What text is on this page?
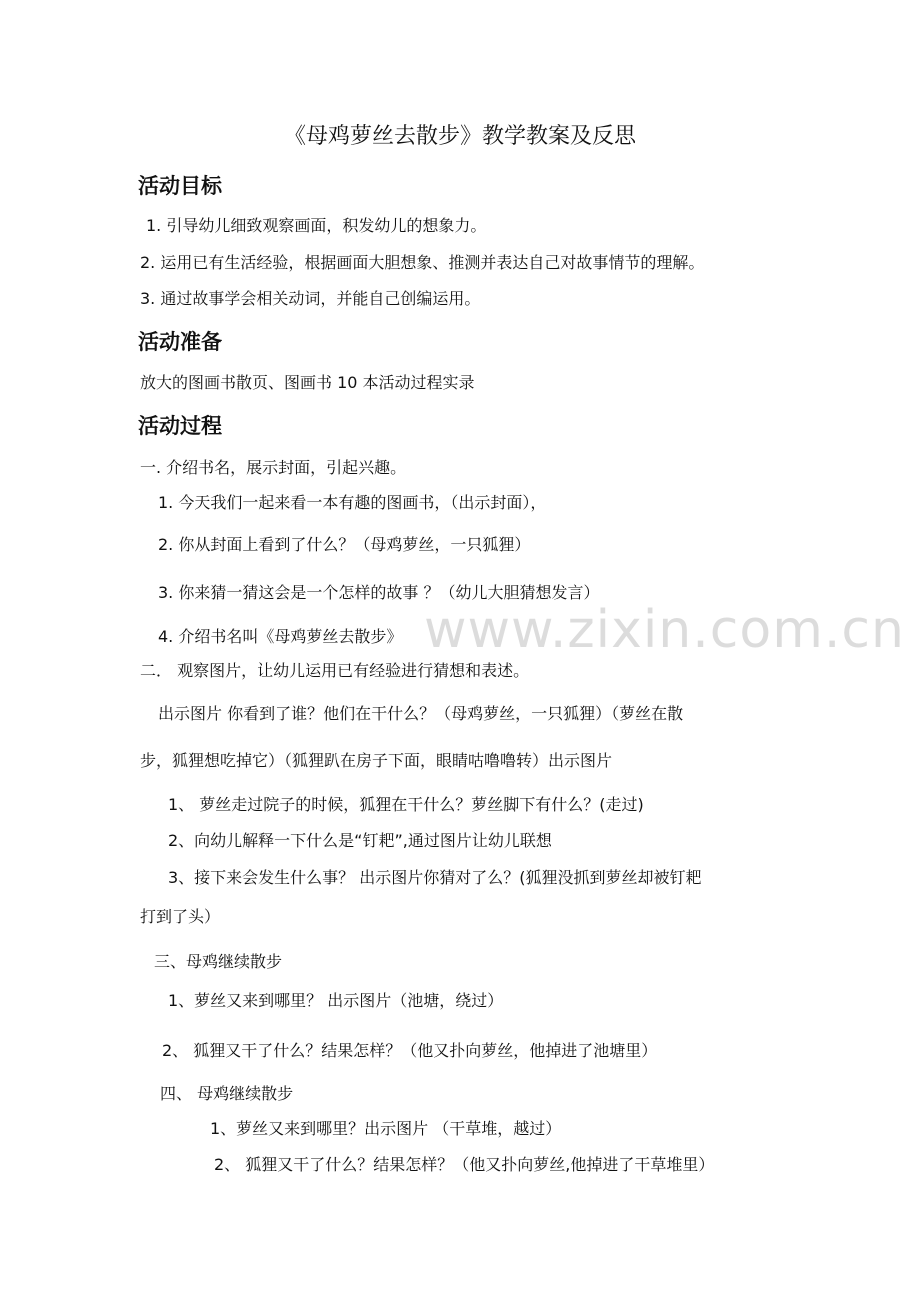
《母鸡萝丝去散步》教学教案及反思
活动目标
1. 引导幼儿细致观察画面，积发幼儿的想象力。
2. 运用已有生活经验，根据画面大胆想象、推测并表达自己对故事情节的理解。
3. 通过故事学会相关动词，并能自己创编运用。
活动准备
放大的图画书散页、图画书 10 本活动过程实录
活动过程
一. 介绍书名，展示封面，引起兴趣。
1. 今天我们一起来看一本有趣的图画书，（出示封面），
2. 你从封面上看到了什么？（母鸡萝丝，一只狐狸）
3. 你来猜一猜这会是一个怎样的故事 ？（幼儿大胆猜想发言）
4. 介绍书名叫《母鸡萝丝去散步》
二． 观察图片，让幼儿运用已有经验进行猜想和表述。
出示图片 你看到了谁？他们在干什么？（母鸡萝丝，一只狐狸）（萝丝在散
步，狐狸想吃掉它）（狐狸趴在房子下面，眼睛咕噜噜转）出示图片
1、 萝丝走过院子的时候，狐狸在干什么？萝丝脚下有什么？(走过)
2、向幼儿解释一下什么是“钉耙”,通过图片让幼儿联想
3、接下来会发生什么事？ 出示图片你猜对了么？(狐狸没抓到萝丝却被钉耙
打到了头）
三、母鸡继续散步
1、萝丝又来到哪里？ 出示图片（池塘，绕过）
2、 狐狸又干了什么？结果怎样？（他又扑向萝丝，他掉进了池塘里）
四、 母鸡继续散步
1、萝丝又来到哪里？出示图片 （干草堆，越过）
2、 狐狸又干了什么？结果怎样？（他又扑向萝丝,他掉进了干草堆里）
www.zixin.com.cn
